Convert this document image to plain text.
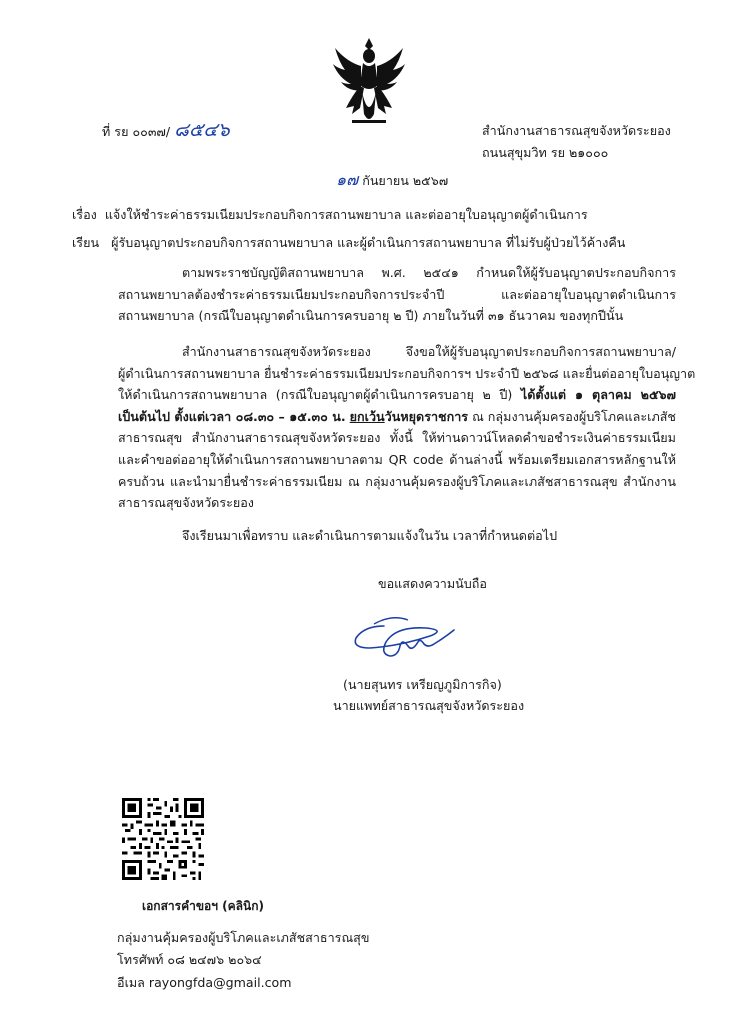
ที่ รย ๐๐๓๗/ ๘๕๔๖	สำนักงานสาธารณสุขจังหวัดระยอง
ถนนสุขุมวิท รย ๒๑๐๐๐
๑๗ กันยายน ๒๕๖๗
เรื่อง แจ้งให้ชำระค่าธรรมเนียมประกอบกิจการสถานพยาบาล และต่ออายุใบอนุญาตผู้ดำเนินการ
เรียน ผู้รับอนุญาตประกอบกิจการสถานพยาบาล และผู้ดำเนินการสถานพยาบาล ที่ไม่รับผู้ป่วยไว้ค้างคืน
ตามพระราชบัญญัติสถานพยาบาล พ.ศ. ๒๕๔๑ กำหนดให้ผู้รับอนุญาตประกอบกิจการ
สถานพยาบาลต้องชำระค่าธรรมเนียมประกอบกิจการประจำปี และต่ออายุใบอนุญาตดำเนินการ
สถานพยาบาล (กรณีใบอนุญาตดำเนินการครบอายุ ๒ ปี) ภายในวันที่ ๓๑ ธันวาคม ของทุกปีนั้น
สำนักงานสาธารณสุขจังหวัดระยอง จึงขอให้ผู้รับอนุญาตประกอบกิจการสถานพยาบาล/
ผู้ดำเนินการสถานพยาบาล ยื่นชำระค่าธรรมเนียมประกอบกิจการฯ ประจำปี ๒๕๖๘ และยื่นต่ออายุใบอนุญาต
ให้ดำเนินการสถานพยาบาล (กรณีใบอนุญาตผู้ดำเนินการครบอายุ ๒ ปี) ได้ตั้งแต่ ๑ ตุลาคม ๒๕๖๗
เป็นต้นไป ตั้งแต่เวลา ๐๘.๓๐ – ๑๕.๓๐ น. ยกเว้นวันหยุดราชการ ณ กลุ่มงานคุ้มครองผู้บริโภคและเภสัช
สาธารณสุข สำนักงานสาธารณสุขจังหวัดระยอง ทั้งนี้ ให้ท่านดาวน์โหลดคำขอชำระเงินค่าธรรมเนียม
และคำขอต่ออายุให้ดำเนินการสถานพยาบาลตาม QR code ด้านล่างนี้ พร้อมเตรียมเอกสารหลักฐานให้
ครบถ้วน และนำมายื่นชำระค่าธรรมเนียม ณ กลุ่มงานคุ้มครองผู้บริโภคและเภสัชสาธารณสุข สำนักงาน
สาธารณสุขจังหวัดระยอง
จึงเรียนมาเพื่อทราบ และดำเนินการตามแจ้งในวัน เวลาที่กำหนดต่อไป
ขอแสดงความนับถือ
(นายสุนทร เหรียญภูมิการกิจ)
นายแพทย์สาธารณสุขจังหวัดระยอง
เอกสารคำขอฯ (คลินิก)
กลุ่มงานคุ้มครองผู้บริโภคและเภสัชสาธารณสุข
โทรศัพท์ ๐๘ ๒๔๗๖ ๒๐๖๔
อีเมล rayongfda@gmail.com
